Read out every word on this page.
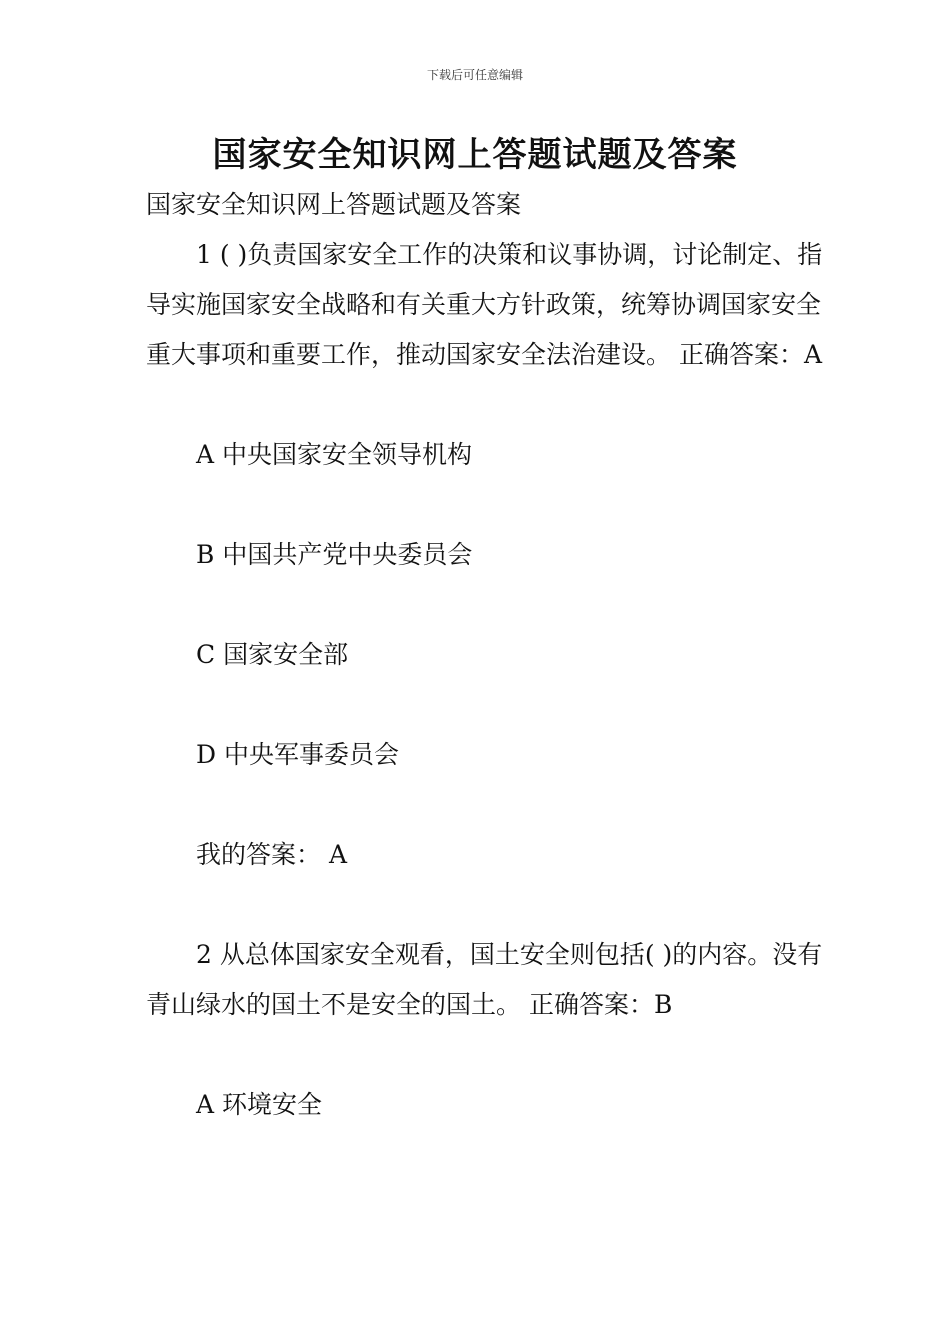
下载后可任意编辑
国家安全知识网上答题试题及答案

国家安全知识网上答题试题及答案

1 ( )负责国家安全工作的决策和议事协调，讨论制定、指导实施国家安全战略和有关重大方针政策，统筹协调国家安全重大事项和重要工作，推动国家安全法治建设。 正确答案：A

A 中央国家安全领导机构

B 中国共产党中央委员会

C 国家安全部

D 中央军事委员会

我的答案： A

2 从总体国家安全观看，国土安全则包括( )的内容。没有青山绿水的国土不是安全的国土。 正确答案：B

A 环境安全
